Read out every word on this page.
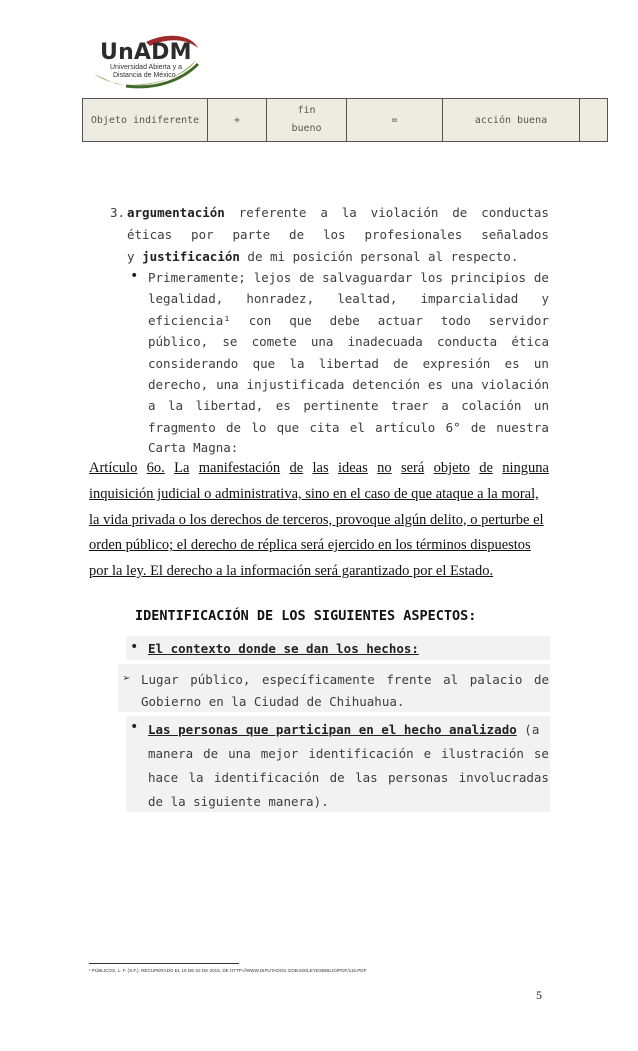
UnADM
Universidad Abierta y a
Distancia de México
Objeto indiferente	+
fin
bueno
=	acción buena
3. argumentación referente a la violación de conductas
éticas por parte de los profesionales señalados
y justificación de mi posición personal al respecto.
• Primeramente; lejos de salvaguardar los principios de
legalidad, honradez, lealtad, imparcialidad y
eficiencia¹ con que debe actuar todo servidor
público, se comete una inadecuada conducta ética
considerando que la libertad de expresión es un
derecho, una injustificada detención es una violación
a la libertad, es pertinente traer a colación un
fragmento de lo que cita el artículo 6° de nuestra
Carta Magna:
Artículo 6o. La manifestación de las ideas no será objeto de ninguna
inquisición judicial o administrativa, sino en el caso de que ataque a la moral,
la vida privada o los derechos de terceros, provoque algún delito, o perturbe el
orden público; el derecho de réplica será ejercido en los términos dispuestos
por la ley. El derecho a la información será garantizado por el Estado.
IDENTIFICACIÓN DE LOS SIGUIENTES ASPECTOS:
• El contexto donde se dan los hechos:
➢ Lugar público, específicamente frente al palacio de
Gobierno en la Ciudad de Chihuahua.
• Las personas que participan en el hecho analizado (a
manera de una mejor identificación e ilustración se
hace la identificación de las personas involucradas
de la siguiente manera).
¹ PÚBLICOS, L. F. (S.F.). RECUPERADO EL 16 DE 02 DE 2015, DE HTTP://WWW.DIPUTADOS.GOB.MX/LEYESBIBLIO/PDF/115.PDF
5
